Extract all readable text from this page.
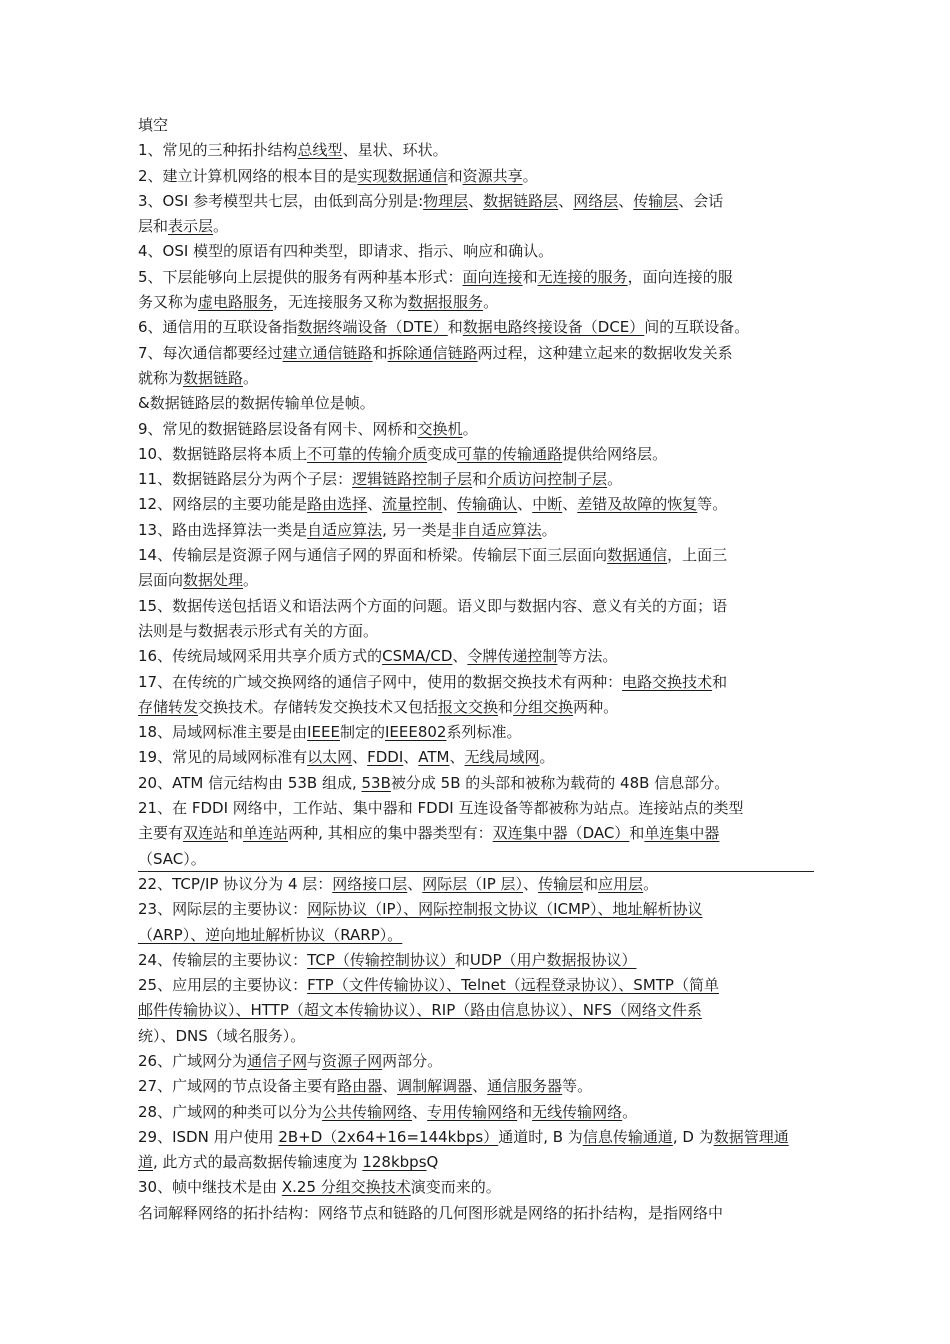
填空
1、常见的三种拓扑结构总线型、星状、环状。
2、建立计算机网络的根本目的是实现数据通信和资源共享。
3、OSI 参考模型共七层，由低到高分别是:物理层、数据链路层、网络层、传输层、会话
层和表示层。
4、OSI 模型的原语有四种类型，即请求、指示、响应和确认。
5、下层能够向上层提供的服务有两种基本形式：面向连接和无连接的服务，面向连接的服
务又称为虚电路服务，无连接服务又称为数据报服务。
6、通信用的互联设备指数据终端设备（DTE）和数据电路终接设备（DCE）间的互联设备。
7、每次通信都要经过建立通信链路和拆除通信链路两过程，这种建立起来的数据收发关系
就称为数据链路。
&数据链路层的数据传输单位是帧。
9、常见的数据链路层设备有网卡、网桥和交换机。
10、数据链路层将本质上不可靠的传输介质变成可靠的传输通路提供给网络层。
11、数据链路层分为两个子层：逻辑链路控制子层和介质访问控制子层。
12、网络层的主要功能是路由选择、流量控制、传输确认、中断、差错及故障的恢复等。
13、路由选择算法一类是自适应算法, 另一类是非自适应算法。
14、传输层是资源子网与通信子网的界面和桥梁。传输层下面三层面向数据通信，上面三
层面向数据处理。
15、数据传送包括语义和语法两个方面的问题。语义即与数据内容、意义有关的方面；语
法则是与数据表示形式有关的方面。
16、传统局域网采用共享介质方式的CSMA/CD、令牌传递控制等方法。
17、在传统的广域交换网络的通信子网中，使用的数据交换技术有两种：电路交换技术和
存储转发交换技术。存储转发交换技术又包括报文交换和分组交换两种。
18、局域网标准主要是由IEEE制定的IEEE802系列标准。
19、常见的局域网标准有以太网、FDDI、ATM、无线局域网。
20、ATM 信元结构由 53B 组成, 53B被分成 5B 的头部和被称为载荷的 48B 信息部分。
21、在 FDDI 网络中，工作站、集中器和 FDDI 互连设备等都被称为站点。连接站点的类型
主要有双连站和单连站两种, 其相应的集中器类型有：双连集中器（DAC）和单连集中器
（SAC）。
22、TCP/IP 协议分为 4 层：网络接口层、网际层（IP 层）、传输层和应用层。
23、网际层的主要协议：网际协议（IP）、网际控制报文协议（ICMP）、地址解析协议
（ARP）、逆向地址解析协议（RARP）。
24、传输层的主要协议：TCP（传输控制协议）和UDP（用户数据报协议）
25、应用层的主要协议：FTP（文件传输协议）、Telnet（远程登录协议）、SMTP（简单
邮件传输协议）、HTTP（超文本传输协议）、RIP（路由信息协议）、NFS（网络文件系
统）、DNS（域名服务）。
26、广域网分为通信子网与资源子网两部分。
27、广域网的节点设备主要有路由器、调制解调器、通信服务器等。
28、广域网的种类可以分为公共传输网络、专用传输网络和无线传输网络。
29、ISDN 用户使用 2B+D（2x64+16=144kbps）通道时, B 为信息传输通道, D 为数据管理通
道, 此方式的最高数据传输速度为 128kbpsQ
30、帧中继技术是由 X.25 分组交换技术演变而来的。
名词解释网络的拓扑结构：网络节点和链路的几何图形就是网络的拓扑结构，是指网络中
